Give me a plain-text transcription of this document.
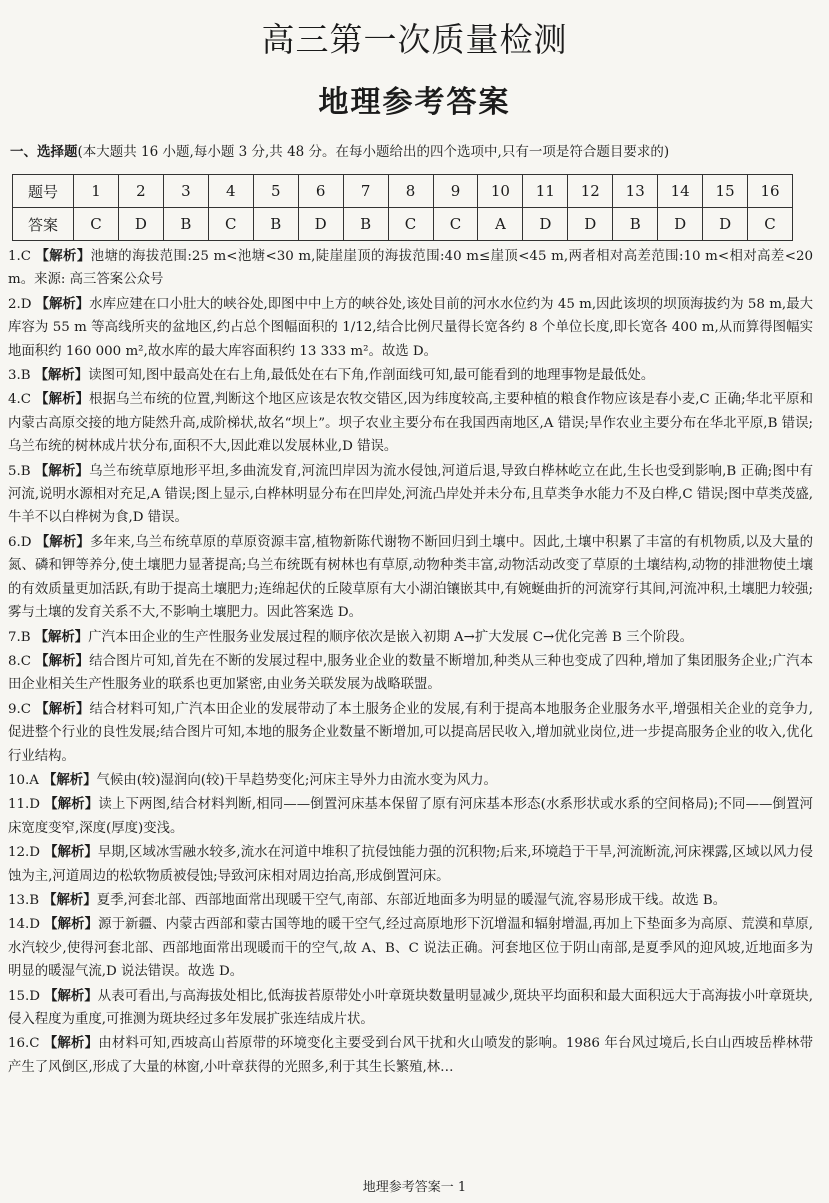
高三第一次质量检测
地理参考答案
一、选择题(本大题共 16 小题,每小题 3 分,共 48 分。在每小题给出的四个选项中,只有一项是符合题目要求的)
题号	1	2	3	4	5	6	7	8	9	10	11	12	13	14	15	16
答案	C	D	B	C	B	D	B	C	C	A	D	D	B	D	D	C
1.C 【解析】池塘的海拔范围:25 m<池塘<30 m,陡崖崖顶的海拔范围:40 m≤崖顶<45 m,两者相对高差范围:10 m<相对高差<20 m。来源: 高三答案公众号
2.D 【解析】水库应建在口小肚大的峡谷处,即图中中上方的峡谷处,该处目前的河水水位约为 45 m,因此该坝的坝顶海拔约为 58 m,最大库容为 55 m 等高线所夹的盆地区,约占总个图幅面积的 1/12,结合比例尺量得长宽各约 8 个单位长度,即长宽各 400 m,从而算得图幅实地面积约 160 000 m²,故水库的最大库容面积约 13 333 m²。故选 D。
3.B 【解析】读图可知,图中最高处在右上角,最低处在右下角,作剖面线可知,最可能看到的地理事物是最低处。
4.C 【解析】根据乌兰布统的位置,判断这个地区应该是农牧交错区,因为纬度较高,主要种植的粮食作物应该是春小麦,C 正确;华北平原和内蒙古高原交接的地方陡然升高,成阶梯状,故名“坝上”。坝子农业主要分布在我国西南地区,A 错误;旱作农业主要分布在华北平原,B 错误;乌兰布统的树林成片状分布,面积不大,因此难以发展林业,D 错误。
5.B 【解析】乌兰布统草原地形平坦,多曲流发育,河流凹岸因为流水侵蚀,河道后退,导致白桦林屹立在此,生长也受到影响,B 正确;图中有河流,说明水源相对充足,A 错误;图上显示,白桦林明显分布在凹岸处,河流凸岸处并未分布,且草类争水能力不及白桦,C 错误;图中草类茂盛,牛羊不以白桦树为食,D 错误。
6.D 【解析】多年来,乌兰布统草原的草原资源丰富,植物新陈代谢物不断回归到土壤中。因此,土壤中积累了丰富的有机物质,以及大量的氮、磷和钾等养分,使土壤肥力显著提高;乌兰布统既有树林也有草原,动物种类丰富,动物活动改变了草原的土壤结构,动物的排泄物使土壤的有效质量更加活跃,有助于提高土壤肥力;连绵起伏的丘陵草原有大小湖泊镶嵌其中,有婉蜒曲折的河流穿行其间,河流冲积,土壤肥力较强;雾与土壤的发育关系不大,不影响土壤肥力。因此答案选 D。
7.B 【解析】广汽本田企业的生产性服务业发展过程的顺序依次是嵌入初期 A→扩大发展 C→优化完善 B 三个阶段。
8.C 【解析】结合图片可知,首先在不断的发展过程中,服务业企业的数量不断增加,种类从三种也变成了四种,增加了集团服务企业;广汽本田企业相关生产性服务业的联系也更加紧密,由业务关联发展为战略联盟。
9.C 【解析】结合材料可知,广汽本田企业的发展带动了本土服务企业的发展,有利于提高本地服务企业服务水平,增强相关企业的竞争力,促进整个行业的良性发展;结合图片可知,本地的服务企业数量不断增加,可以提高居民收入,增加就业岗位,进一步提高服务企业的收入,优化行业结构。
10.A 【解析】气候由(较)湿润向(较)干旱趋势变化;河床主导外力由流水变为风力。
11.D 【解析】读上下两图,结合材料判断,相同——倒置河床基本保留了原有河床基本形态(水系形状或水系的空间格局);不同——倒置河床宽度变窄,深度(厚度)变浅。
12.D 【解析】早期,区域冰雪融水较多,流水在河道中堆积了抗侵蚀能力强的沉积物;后来,环境趋于干旱,河流断流,河床裸露,区域以风力侵蚀为主,河道周边的松软物质被侵蚀;导致河床相对周边抬高,形成倒置河床。
13.B 【解析】夏季,河套北部、西部地面常出现暖干空气,南部、东部近地面多为明显的暖湿气流,容易形成干线。故选 B。
14.D 【解析】源于新疆、内蒙古西部和蒙古国等地的暖干空气,经过高原地形下沉增温和辐射增温,再加上下垫面多为高原、荒漠和草原,水汽较少,使得河套北部、西部地面常出现暖而干的空气,故 A、B、C 说法正确。河套地区位于阴山南部,是夏季风的迎风坡,近地面多为明显的暖湿气流,D 说法错误。故选 D。
15.D 【解析】从表可看出,与高海拔处相比,低海拔苔原带处小叶章斑块数量明显减少,斑块平均面积和最大面积远大于高海拔小叶章斑块,侵入程度为重度,可推测为斑块经过多年发展扩张连结成片状。
16.C 【解析】由材料可知,西坡高山苔原带的环境变化主要受到台风干扰和火山喷发的影响。1986 年台风过境后,长白山西坡岳桦林带产生了风倒区,形成了大量的林窗,小叶章获得的光照多,利于其生长繁殖,林…
地理参考答案一 1
